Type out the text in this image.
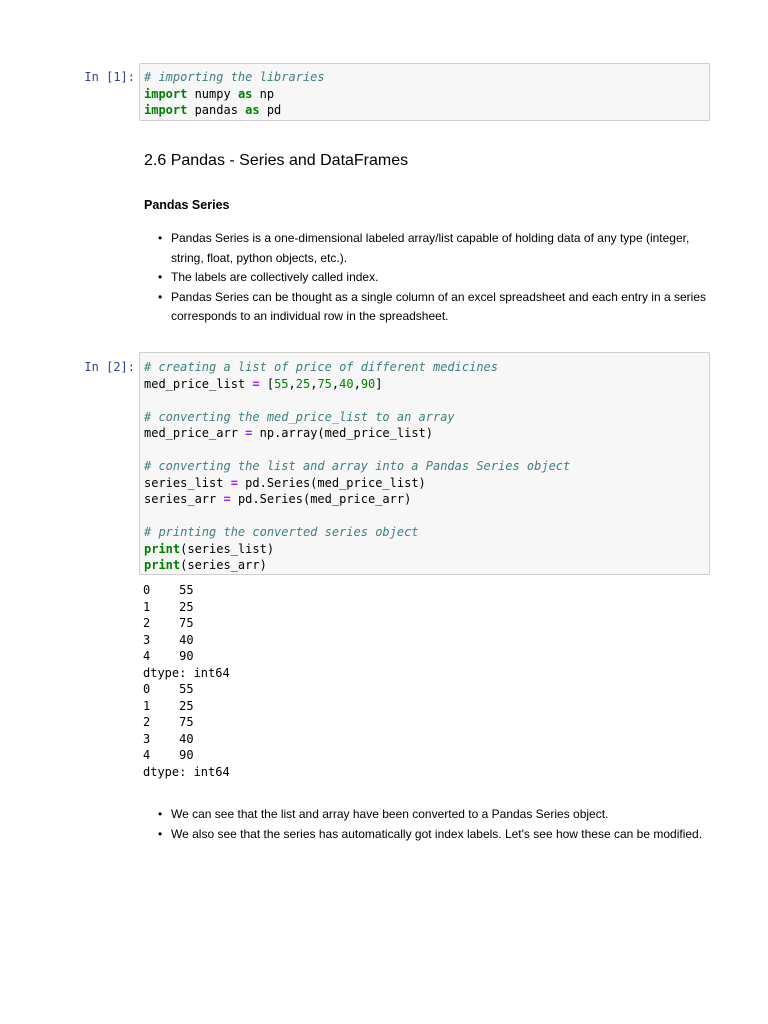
In [1]: # importing the libraries
import numpy as np
import pandas as pd
2.6 Pandas - Series and DataFrames
Pandas Series
• Pandas Series is a one-dimensional labeled array/list capable of holding data of any type (integer, string, float, python objects, etc.).
• The labels are collectively called index.
• Pandas Series can be thought as a single column of an excel spreadsheet and each entry in a series corresponds to an individual row in the spreadsheet.
In [2]: # creating a list of price of different medicines
med_price_list = [55,25,75,40,90]
# converting the med_price_list to an array
med_price_arr = np.array(med_price_list)
# converting the list and array into a Pandas Series object
series_list = pd.Series(med_price_list)
series_arr = pd.Series(med_price_arr)
# printing the converted series object
print(series_list)
print(series_arr)
0    55
1    25
2    75
3    40
4    90
dtype: int64
0    55
1    25
2    75
3    40
4    90
dtype: int64
• We can see that the list and array have been converted to a Pandas Series object.
• We also see that the series has automatically got index labels. Let's see how these can be modified.
